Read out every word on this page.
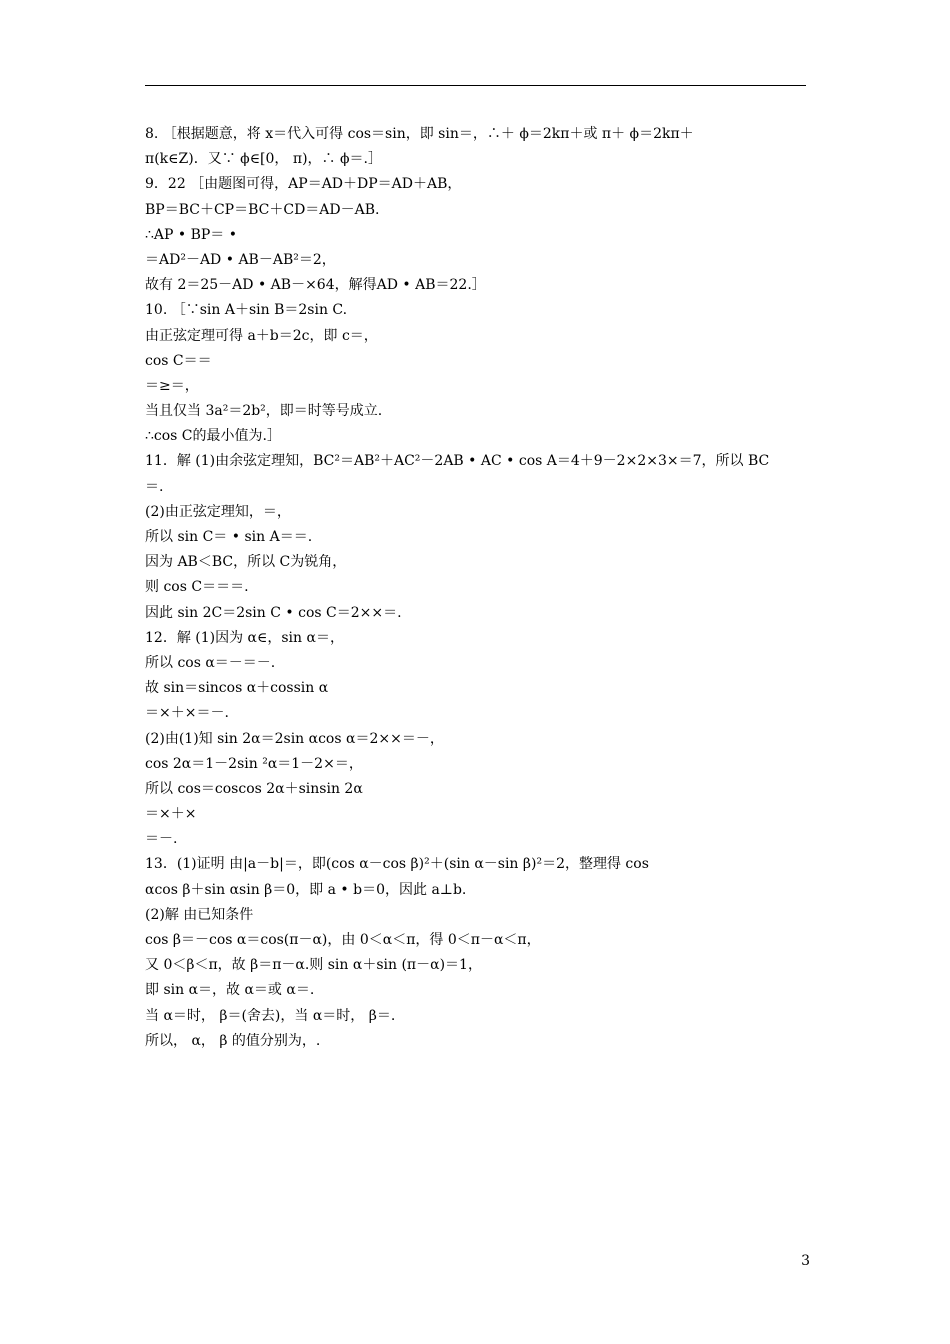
8. ［根据题意，将 x＝代入可得 cos＝sin，即 sin＝，∴＋ ϕ＝2kπ＋或 π＋ ϕ＝2kπ＋
π(k∈Z)．又∵ ϕ∈[0， π)，∴ ϕ＝.］
9．22 ［由题图可得，AP＝AD＋DP＝AD＋AB，
BP＝BC＋CP＝BC＋CD＝AD－AB.
∴AP • BP＝ •
＝AD²－AD • AB－AB²＝2，
故有 2＝25－AD • AB－×64，解得AD • AB＝22.］
10. ［∵sin A＋sin B＝2sin C.
由正弦定理可得 a＋b＝2c，即 c＝，
cos C＝＝
＝≥＝，
当且仅当 3a²＝2b²，即＝时等号成立.
∴cos C的最小值为.］
11．解 (1)由余弦定理知，BC²＝AB²＋AC²－2AB • AC • cos A＝4＋9－2×2×3×＝7，所以 BC
＝.
(2)由正弦定理知，＝，
所以 sin C＝ • sin A＝＝.
因为 AB＜BC，所以 C为锐角，
则 cos C＝＝＝.
因此 sin 2C＝2sin C • cos C＝2××＝.
12．解 (1)因为 α∈，sin α＝，
所以 cos α＝－＝－.
故 sin＝sincos α＋cossin α
＝×＋×＝－.
(2)由(1)知 sin 2α＝2sin αcos α＝2××＝－，
cos 2α＝1－2sin ²α＝1－2×＝，
所以 cos＝coscos 2α＋sinsin 2α
＝×＋×
＝－.
13．(1)证明 由|a－b|＝，即(cos α－cos β)²＋(sin α－sin β)²＝2，整理得 cos
αcos β＋sin αsin β＝0，即 a • b＝0，因此 a⊥b.
(2)解 由已知条件
cos β＝－cos α＝cos(π－α)，由 0＜α＜π，得 0＜π－α＜π，
又 0＜β＜π，故 β＝π－α.则 sin α＋sin (π－α)＝1，
即 sin α＝，故 α＝或 α＝.
当 α＝时， β＝(舍去)，当 α＝时， β＝.
所以， α， β 的值分别为，.
3
